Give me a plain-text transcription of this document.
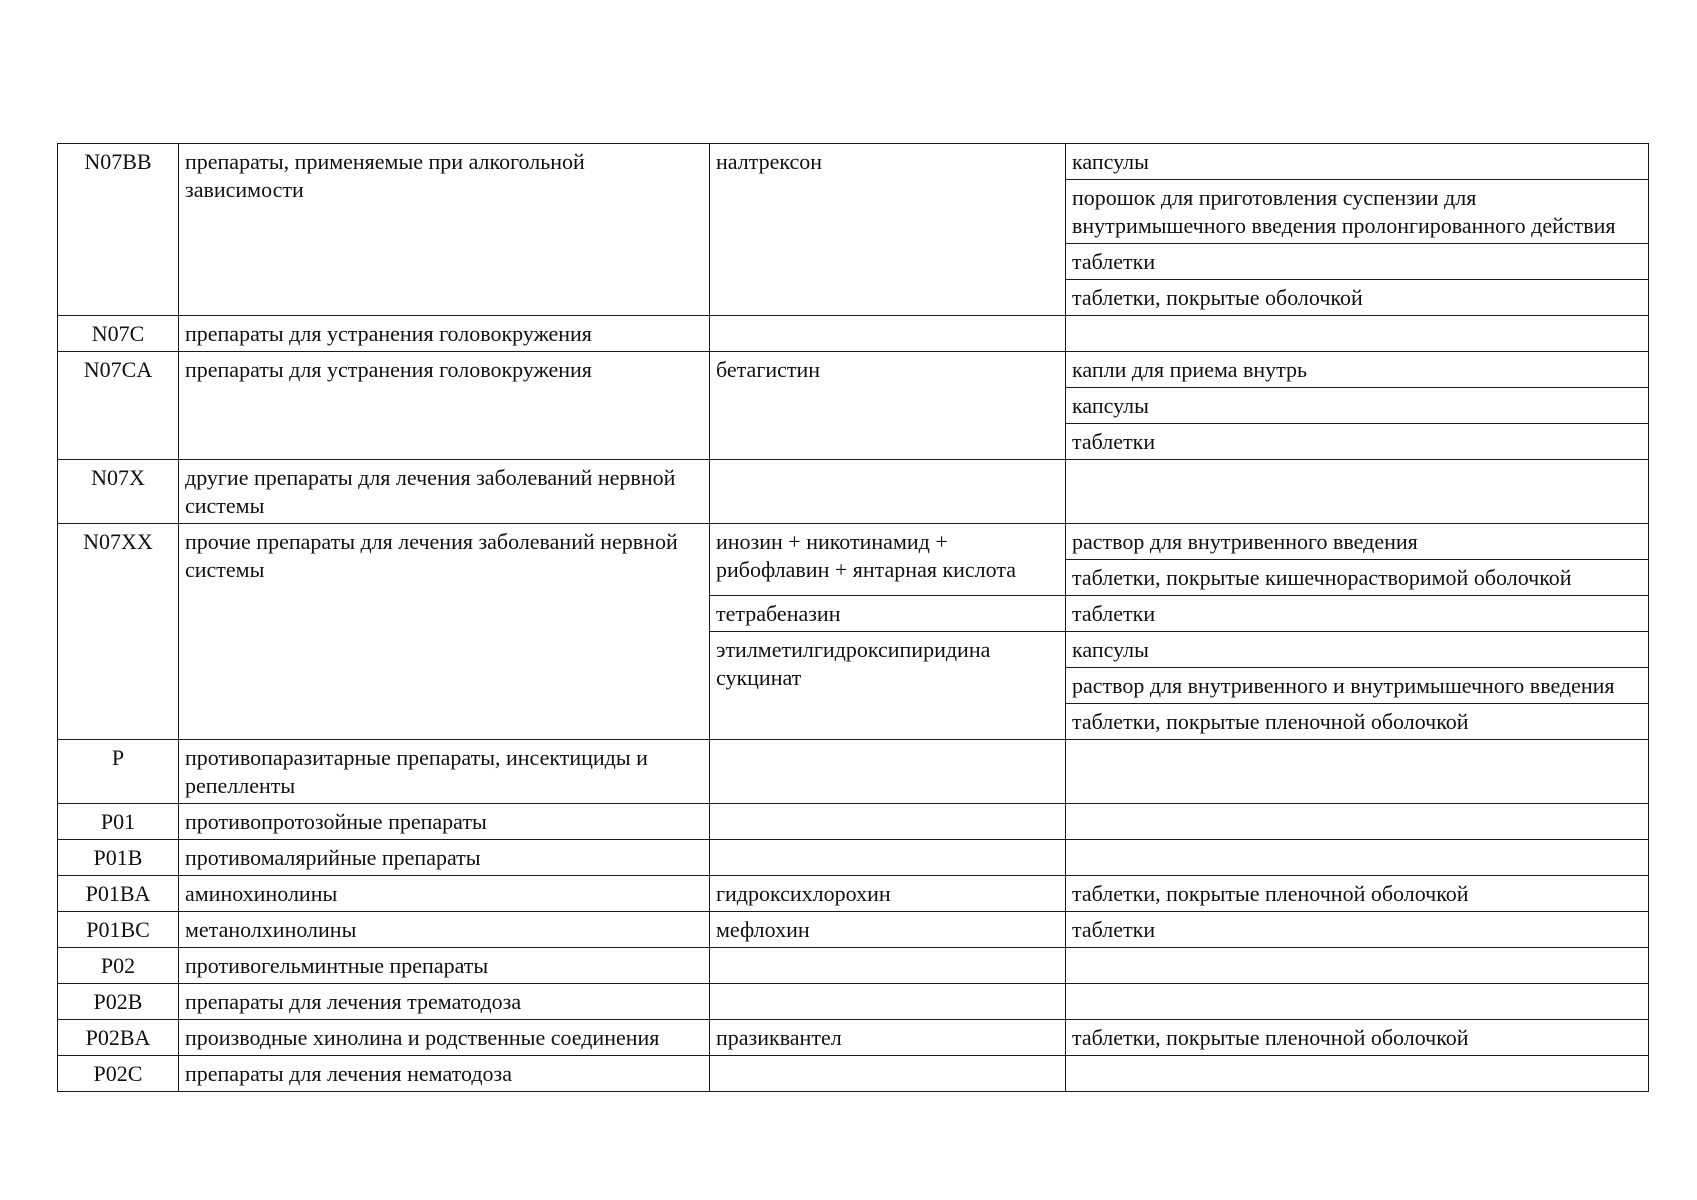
N07BB	препараты, применяемые при алкогольной зависимости	налтрексон	капсулы
			порошок для приготовления суспензии для внутримышечного введения пролонгированного действия
			таблетки
			таблетки, покрытые оболочкой
N07C	препараты для устранения головокружения		
N07CA	препараты для устранения головокружения	бетагистин	капли для приема внутрь
			капсулы
			таблетки
N07X	другие препараты для лечения заболеваний нервной системы		
N07XX	прочие препараты для лечения заболеваний нервной системы	инозин + никотинамид + рибофлавин + янтарная кислота	раствор для внутривенного введения
			таблетки, покрытые кишечнорастворимой оболочкой
		тетрабеназин	таблетки
		этилметилгидроксипиридина сукцинат	капсулы
			раствор для внутривенного и внутримышечного введения
			таблетки, покрытые пленочной оболочкой
P	противопаразитарные препараты, инсектициды и репелленты		
P01	противопротозойные препараты		
P01B	противомалярийные препараты		
P01BA	аминохинолины	гидроксихлорохин	таблетки, покрытые пленочной оболочкой
P01BC	метанолхинолины	мефлохин	таблетки
P02	противогельминтные препараты		
P02B	препараты для лечения трематодоза		
P02BA	производные хинолина и родственные соединения	празиквантел	таблетки, покрытые пленочной оболочкой
P02C	препараты для лечения нематодоза		
